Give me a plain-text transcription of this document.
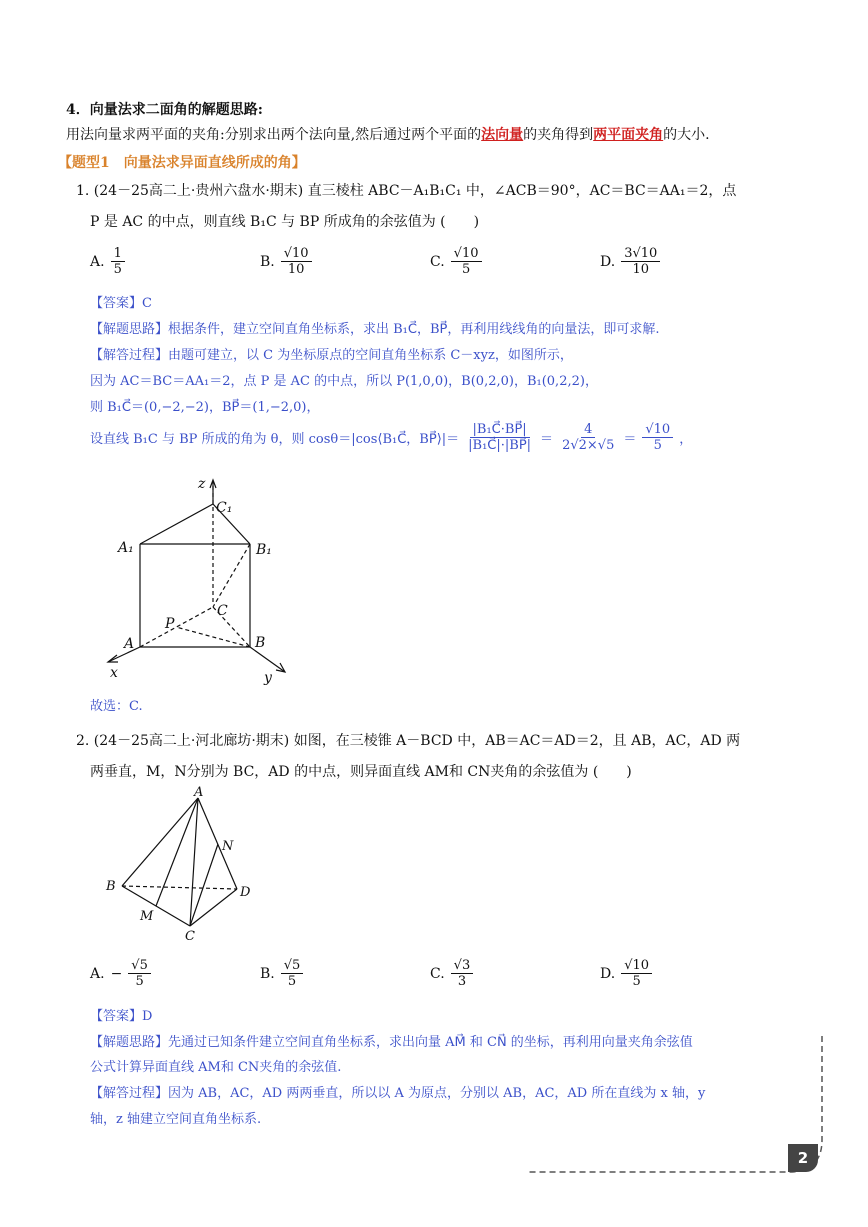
4．向量法求二面角的解题思路:
用法向量求两平面的夹角:分别求出两个法向量,然后通过两个平面的法向量的夹角得到两平面夹角的大小.
【题型1　向量法求异面直线所成的角】
1. (24－25高二上·贵州六盘水·期末) 直三棱柱 ABC－A₁B₁C₁ 中，∠ACB＝90°，AC＝BC＝AA₁＝2，点
P 是 AC 的中点，则直线 B₁C 与 BP 所成角的余弦值为 (　　)
A. $\frac{1}{5}$	B. $\frac{√10}{10}$	C. $\frac{√10}{5}$	D. $\frac{3√10}{10}$
【答案】C
【解题思路】根据条件，建立空间直角坐标系，求出 B₁C⃗，BP⃗，再利用线线角的向量法，即可求解.
【解答过程】由题可建立，以 C 为坐标原点的空间直角坐标系 C－xyz，如图所示，
因为 AC＝BC＝AA₁＝2，点 P 是 AC 的中点，所以 P(1,0,0)，B(0,2,0)，B₁(0,2,2)，
则 B₁C⃗＝(0,−2,−2)，BP⃗＝(1,−2,0)，
设直线 B₁C 与 BP 所成的角为 θ，则 cosθ＝|cos⟨B₁C⃗，BP⃗⟩|＝ $\frac{\text{|B₁C⃗·BP⃗|}}{\text{|B₁C⃗|·|BP⃗|}} = \frac{4}{2√2\times√5} = \frac{√10}{5}$ ，
z
C₁
A₁	B₁
C
P
A	B
x	y
故选：C.
2. (24－25高二上·河北廊坊·期末) 如图，在三棱锥 A－BCD 中，AB＝AC＝AD＝2，且 AB，AC，AD 两
两垂直，M，N分别为 BC，AD 的中点，则异面直线 AM和 CN夹角的余弦值为 (　　)
A
B
C
D
M
N
A. − $\frac{√5}{5}$	B. $\frac{√5}{5}$	C. $\frac{√3}{3}$	D. $\frac{√10}{5}$
【答案】D
【解题思路】先通过已知条件建立空间直角坐标系，求出向量 AM⃗ 和 CN⃗ 的坐标，再利用向量夹角余弦值
公式计算异面直线 AM和 CN夹角的余弦值.
【解答过程】因为 AB，AC，AD 两两垂直，所以以 A 为原点，分别以 AB，AC，AD 所在直线为 x 轴，y
轴，z 轴建立空间直角坐标系.
2
